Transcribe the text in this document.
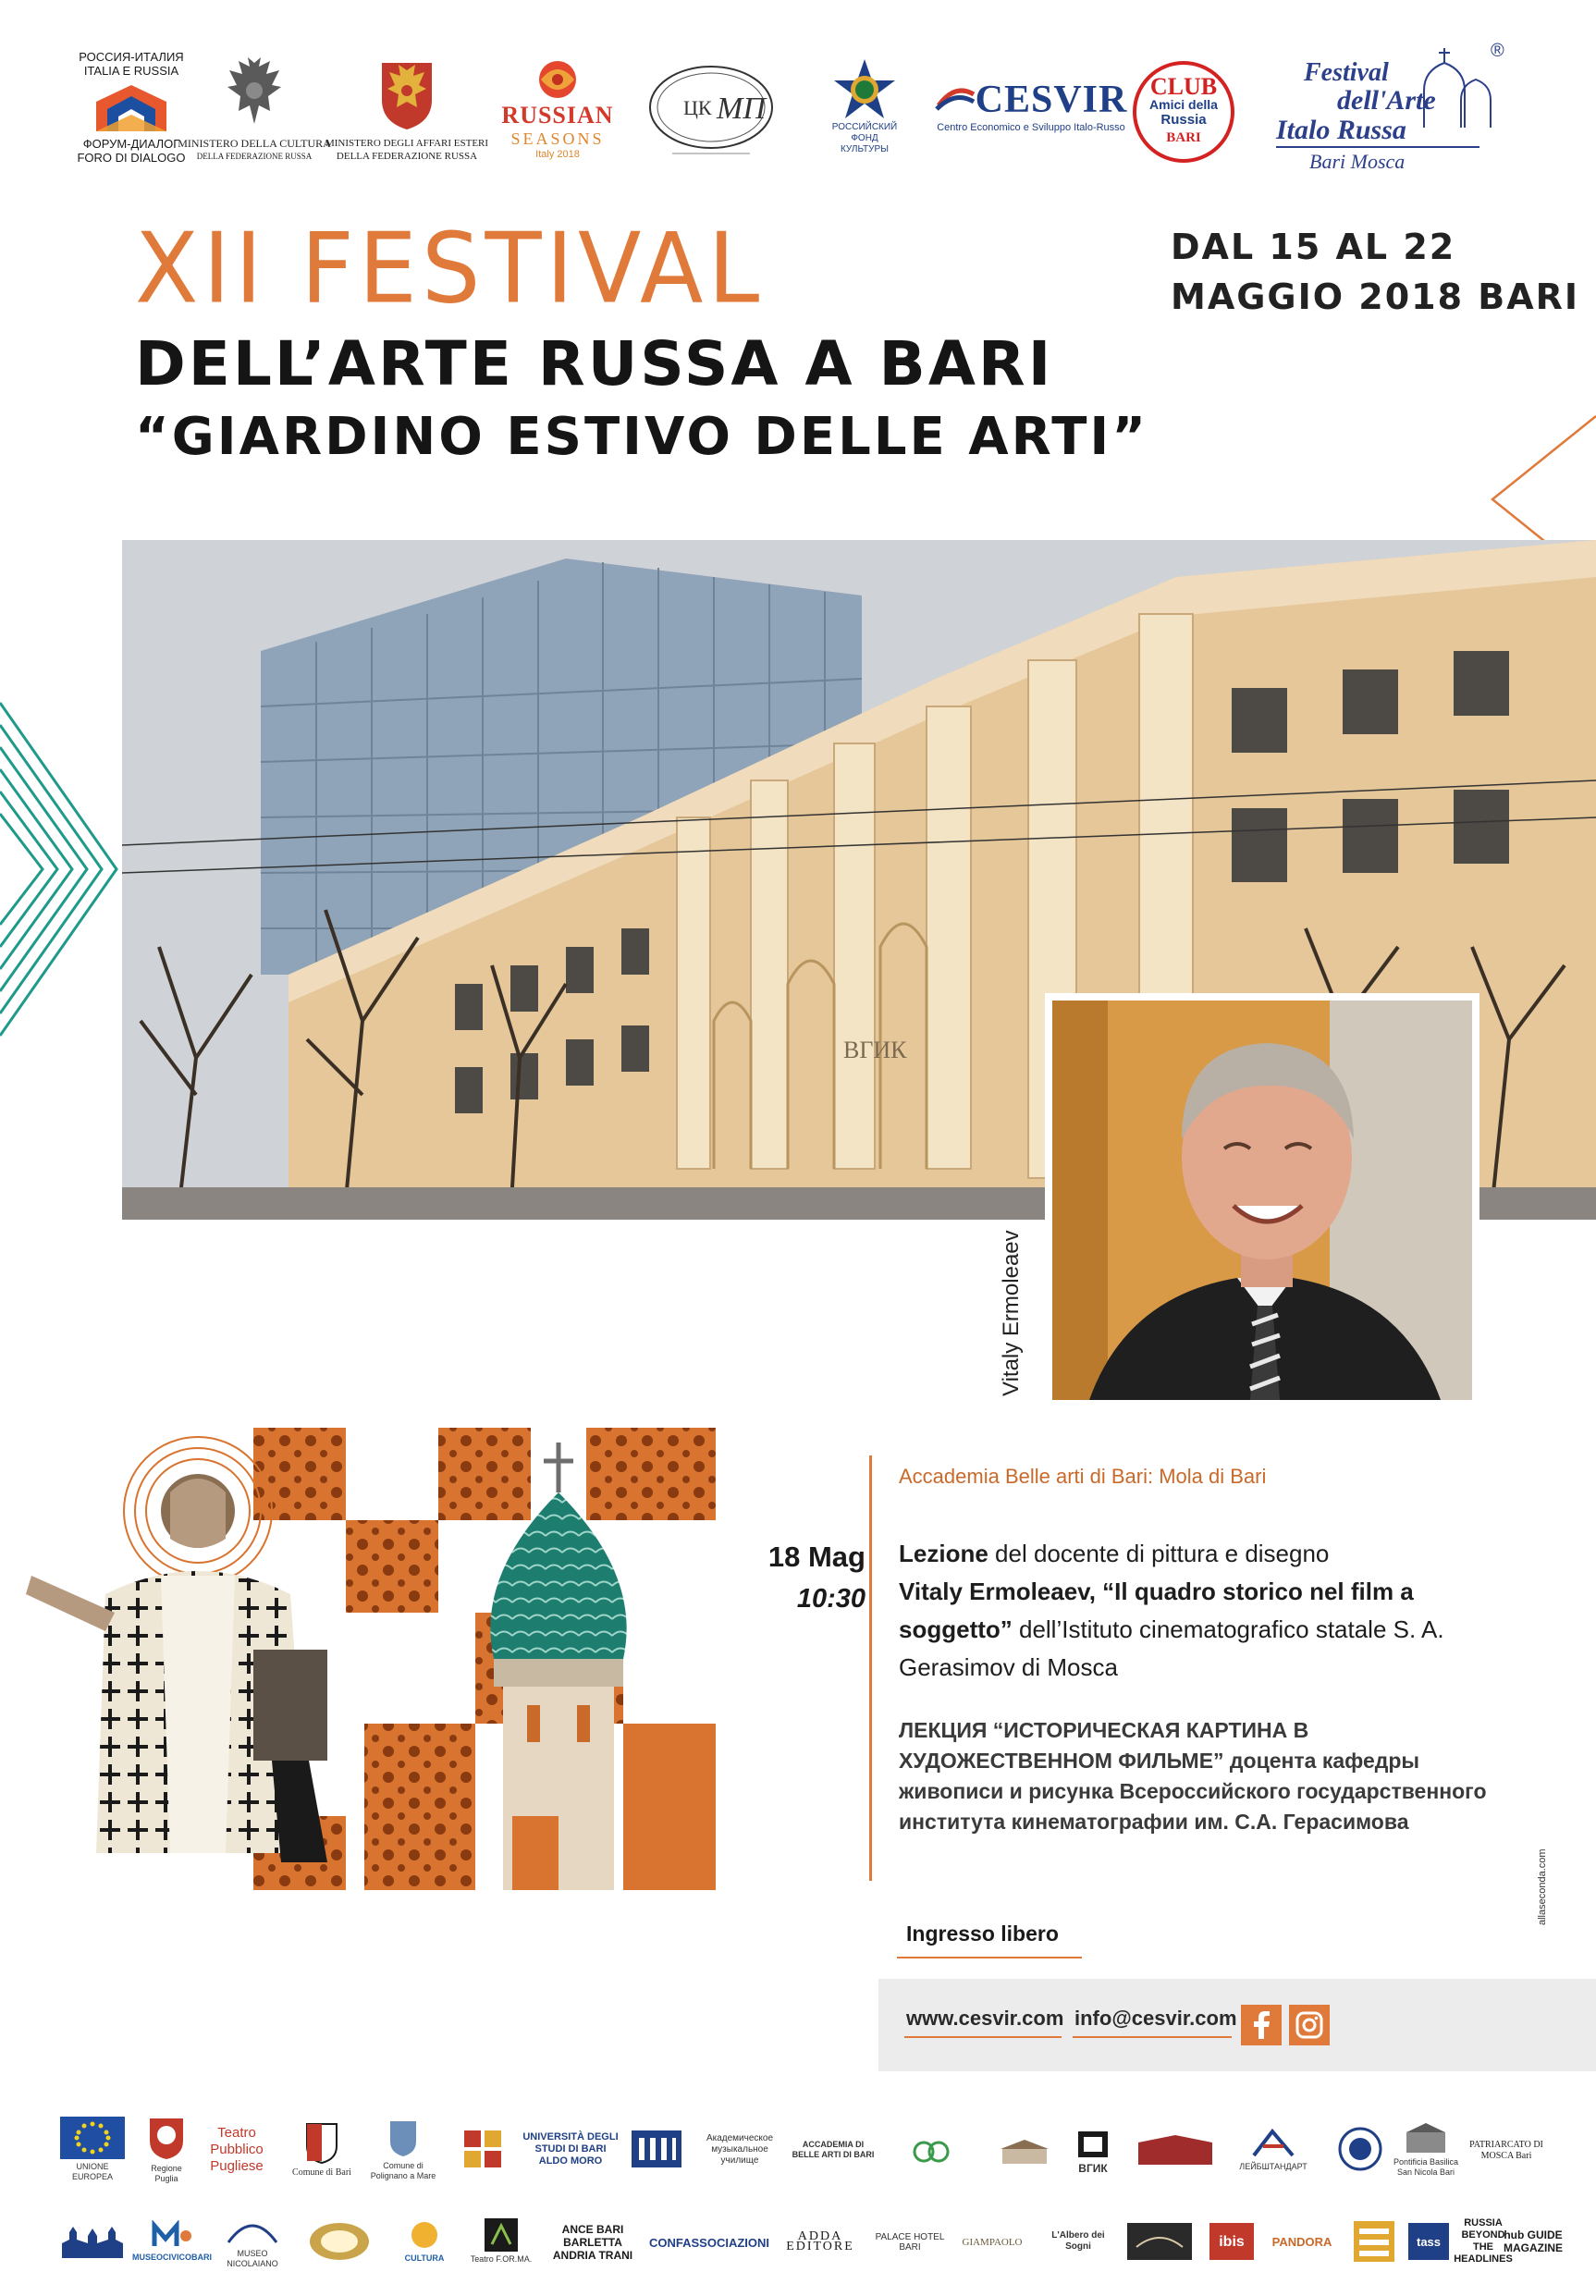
РОССИЯ-ИТАЛИЯ
ITALIA E RUSSIA
ФОРУМ-ДИАЛОГ
FORO DI DIALOGO
MINISTERO DELLA CULTURA
DELLA FEDERAZIONE RUSSA
MINISTERO DEGLI AFFARI ESTERI
DELLA FEDERAZIONE RUSSA
RUSSIAN
SEASONS
Italy 2018
ЦК МП
РОССИЙСКИЙ
ФОНД
КУЛЬТУРЫ
CESVIR
Centro Economico e Sviluppo Italo-Russo
CLUB
Amici della
Russia
BARI
Festival
dell'Arte
Italo Russa
Bari Mosca
®
XII FESTIVAL
DELL’ARTE RUSSA A BARI
“GIARDINO ESTIVO DELLE ARTI”
DAL 15 AL 22
MAGGIO 2018 BARI
ВГИК
Vitaly Ermoleaev
Accademia Belle arti di Bari: Mola di Bari
18 Mag
10:30
Lezione del docente di pittura e disegno
Vitaly Ermoleaev, “Il quadro storico nel film a soggetto” dell’Istituto cinematografico statale S. A. Gerasimov di Mosca
ЛЕКЦИЯ “ИСТОРИЧЕСКАЯ КАРТИНА В ХУДОЖЕСТВЕННОМ ФИЛЬМЕ” доцента кафедры живописи и рисунка Всероссийского государственного института кинематографии им. С.А. Герасимова
Ingresso libero
allaseconda.com
www.cesvir.com info@cesvir.com
UNIONE EUROPEA
Regione Puglia
Teatro Pubblico Pugliese	Comune di Bari
Comune di Polignano a Mare
UNIVERSITÀ DEGLI STUDI DI BARI ALDO MORO
Академическое музыкальное училище
ACCADEMIA DI BELLE ARTI DI BARI
ВГИК	ЛЕЙБШТАНДАРТ
Pontificia Basilica San Nicola Bari
PATRIARCATO DI MOSCA Bari
MUSEOCIVICOBARI	MUSEO NICOLAIANO
CULTURA	Teatro F.OR.MA.
ANCE BARI BARLETTA ANDRIA TRANI
CONFASSOCIAZIONI	ADDA EDITORE
PALACE HOTEL BARI	GIAMPAOLO
L'Albero dei Sogni	ibis PANDORA	tass
RUSSIA BEYOND THE HEADLINES
hub GUIDE MAGAZINE
